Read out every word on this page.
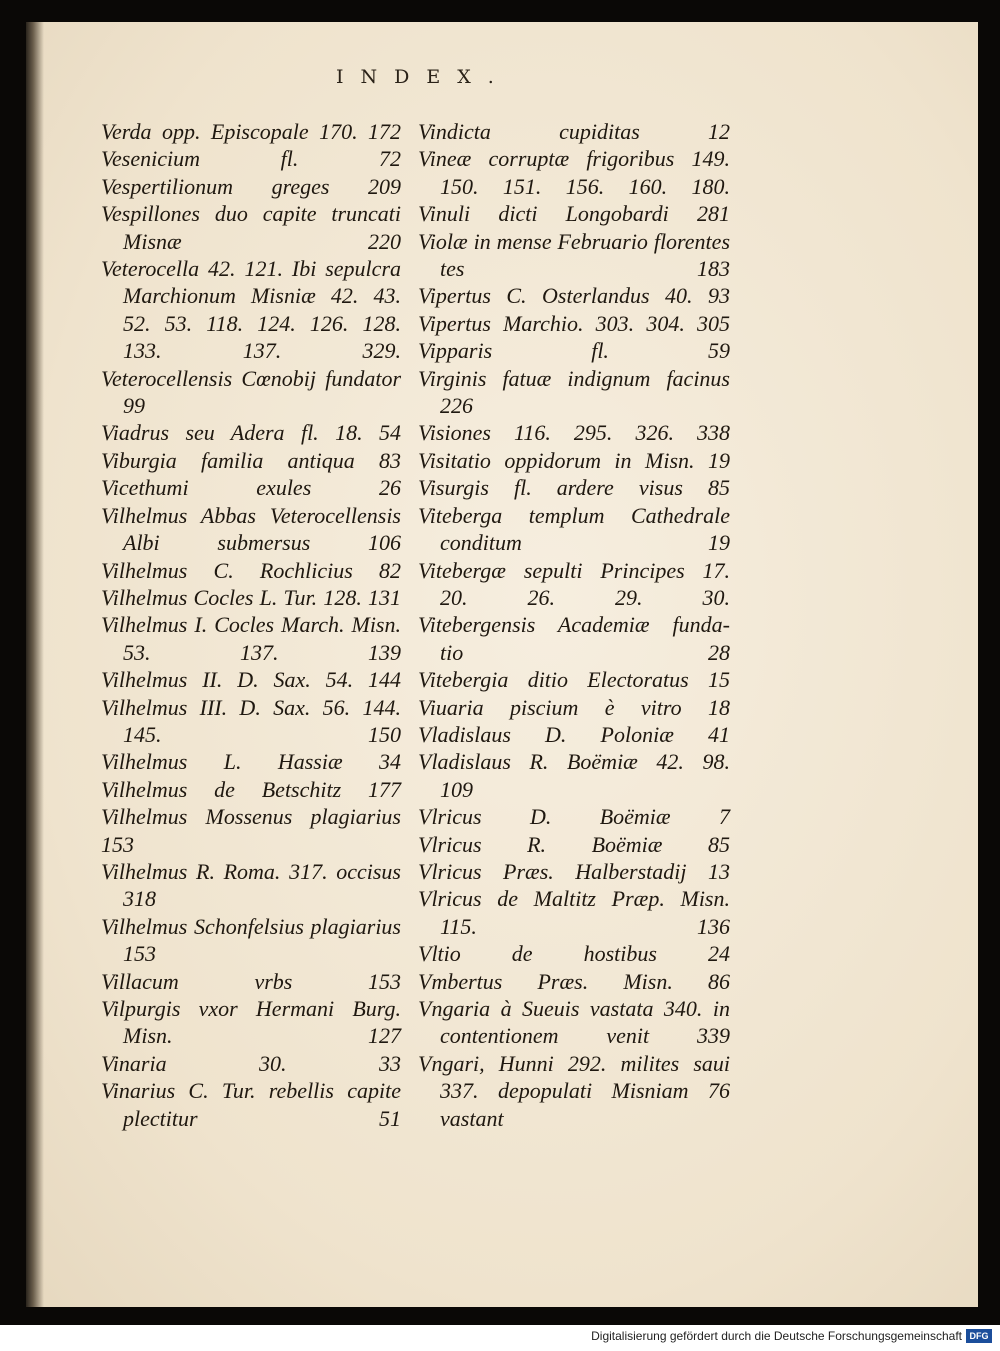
INDEX.
Verda opp. Episcopale 170. 172
Vesenicium fl. 72
Vespertilionum greges 209
Vespillones duo capite truncati
Misnæ 220
Veterocella 42. 121. Ibi sepulcra
Marchionum Misniæ 42. 43.
52. 53. 118. 124. 126. 128.
133. 137. 329.
Veterocellensis Cœnobij fundator
99
Viadrus seu Adera fl. 18. 54
Viburgia familia antiqua 83
Vicethumi exules 26
Vilhelmus Abbas Veterocellensis
Albi submersus 106
Vilhelmus C. Rochlicius 82
Vilhelmus Cocles L. Tur. 128. 131
Vilhelmus I. Cocles March. Misn.
53. 137. 139
Vilhelmus II. D. Sax. 54. 144
Vilhelmus III. D. Sax. 56. 144.
145. 150
Vilhelmus L. Hassiæ 34
Vilhelmus de Betschitz 177
Vilhelmus Mossenus plagiarius 153
Vilhelmus R. Roma. 317. occisus
318
Vilhelmus Schonfelsius plagiarius
153
Villacum vrbs 153
Vilpurgis vxor Hermani Burg.
Misn. 127
Vinaria 30. 33
Vinarius C. Tur. rebellis capite
plectitur 51
Vindicta cupiditas 12
Vineæ corruptæ frigoribus 149.
150. 151. 156. 160. 180.
Vinuli dicti Longobardi 281
Violæ in mense Februario florentes
tes 183
Vipertus C. Osterlandus 40. 93
Vipertus Marchio. 303. 304. 305
Vipparis fl. 59
Virginis fatuæ indignum facinus
226
Visiones 116. 295. 326. 338
Visitatio oppidorum in Misn. 19
Visurgis fl. ardere visus 85
Viteberga templum Cathedrale
conditum 19
Vitebergæ sepulti Principes 17.
20. 26. 29. 30.
Vitebergensis Academiæ funda-
tio 28
Vitebergia ditio Electoratus 15
Viuaria piscium è vitro 18
Vladislaus D. Poloniæ 41
Vladislaus R. Boëmiæ 42. 98.
109
Vlricus D. Boëmiæ 7
Vlricus R. Boëmiæ 85
Vlricus Præs. Halberstadij 13
Vlricus de Maltitz Præp. Misn.
115. 136
Vltio de hostibus 24
Vmbertus Præs. Misn. 86
Vngaria à Sueuis vastata 340. in
contentionem venit 339
Vngari, Hunni 292. milites saui
337. depopulati Misniam 76
vastant
Digitalisierung gefördert durch die Deutsche Forschungsgemeinschaft DFG
